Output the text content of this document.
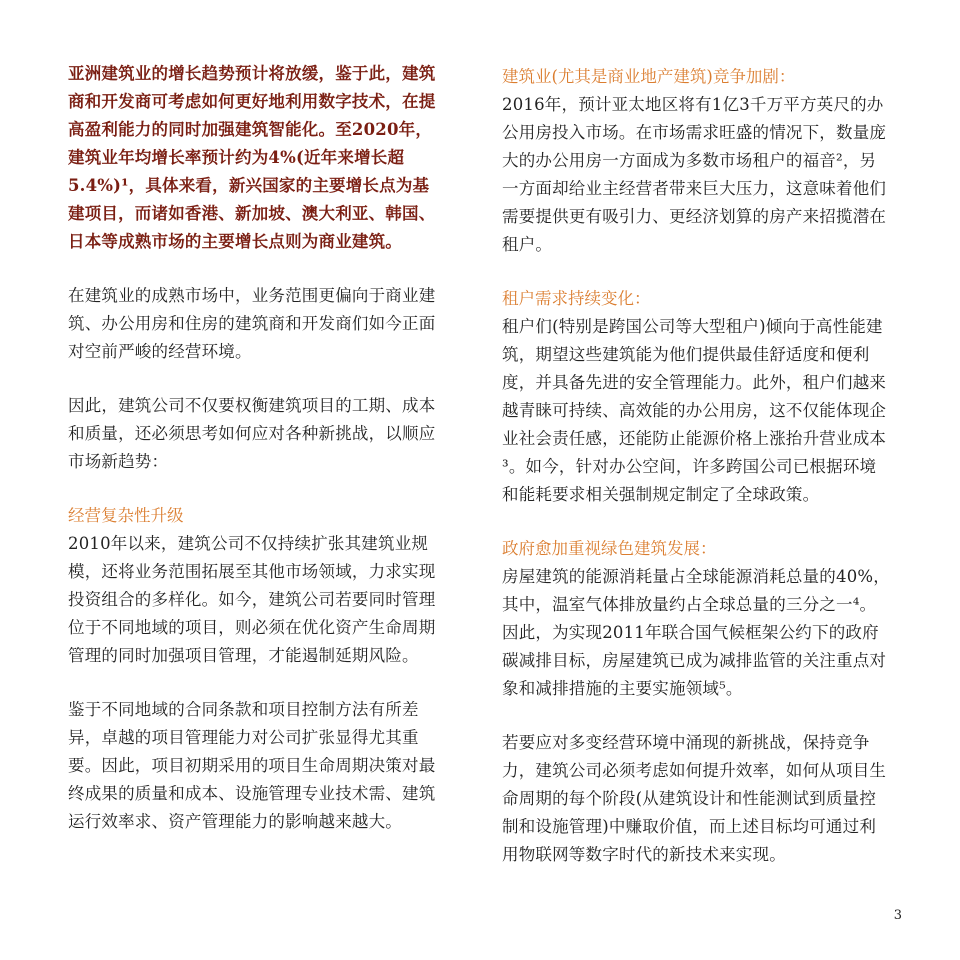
亚洲建筑业的增长趋势预计将放缓，鉴于此，建筑商和开发商可考虑如何更好地利用数字技术，在提高盈利能力的同时加强建筑智能化。至2020年，建筑业年均增长率预计约为4%(近年来增长超5.4%)¹，具体来看，新兴国家的主要增长点为基建项目，而诸如香港、新加坡、澳大利亚、韩国、日本等成熟市场的主要增长点则为商业建筑。

在建筑业的成熟市场中，业务范围更偏向于商业建筑、办公用房和住房的建筑商和开发商们如今正面对空前严峻的经营环境。

因此，建筑公司不仅要权衡建筑项目的工期、成本和质量，还必须思考如何应对各种新挑战，以顺应市场新趋势：

经营复杂性升级

2010年以来，建筑公司不仅持续扩张其建筑业规模，还将业务范围拓展至其他市场领域，力求实现投资组合的多样化。如今，建筑公司若要同时管理位于不同地域的项目，则必须在优化资产生命周期管理的同时加强项目管理，才能遏制延期风险。

鉴于不同地域的合同条款和项目控制方法有所差异，卓越的项目管理能力对公司扩张显得尤其重要。因此，项目初期采用的项目生命周期决策对最终成果的质量和成本、设施管理专业技术需、建筑运行效率求、资产管理能力的影响越来越大。

建筑业(尤其是商业地产建筑)竞争加剧：

2016年，预计亚太地区将有1亿3千万平方英尺的办公用房投入市场。在市场需求旺盛的情况下，数量庞大的办公用房一方面成为多数市场租户的福音²，另一方面却给业主经营者带来巨大压力，这意味着他们需要提供更有吸引力、更经济划算的房产来招揽潜在租户。

租户需求持续变化：

租户们(特别是跨国公司等大型租户)倾向于高性能建筑，期望这些建筑能为他们提供最佳舒适度和便利度，并具备先进的安全管理能力。此外，租户们越来越青睐可持续、高效能的办公用房，这不仅能体现企业社会责任感，还能防止能源价格上涨抬升营业成本³。如今，针对办公空间，许多跨国公司已根据环境和能耗要求相关强制规定制定了全球政策。

政府愈加重视绿色建筑发展：

房屋建筑的能源消耗量占全球能源消耗总量的40%，其中，温室气体排放量约占全球总量的三分之一⁴。因此，为实现2011年联合国气候框架公约下的政府碳减排目标，房屋建筑已成为减排监管的关注重点对象和减排措施的主要实施领域⁵。

若要应对多变经营环境中涌现的新挑战，保持竞争力，建筑公司必须考虑如何提升效率，如何从项目生命周期的每个阶段(从建筑设计和性能测试到质量控制和设施管理)中赚取价值，而上述目标均可通过利用物联网等数字时代的新技术来实现。

3
